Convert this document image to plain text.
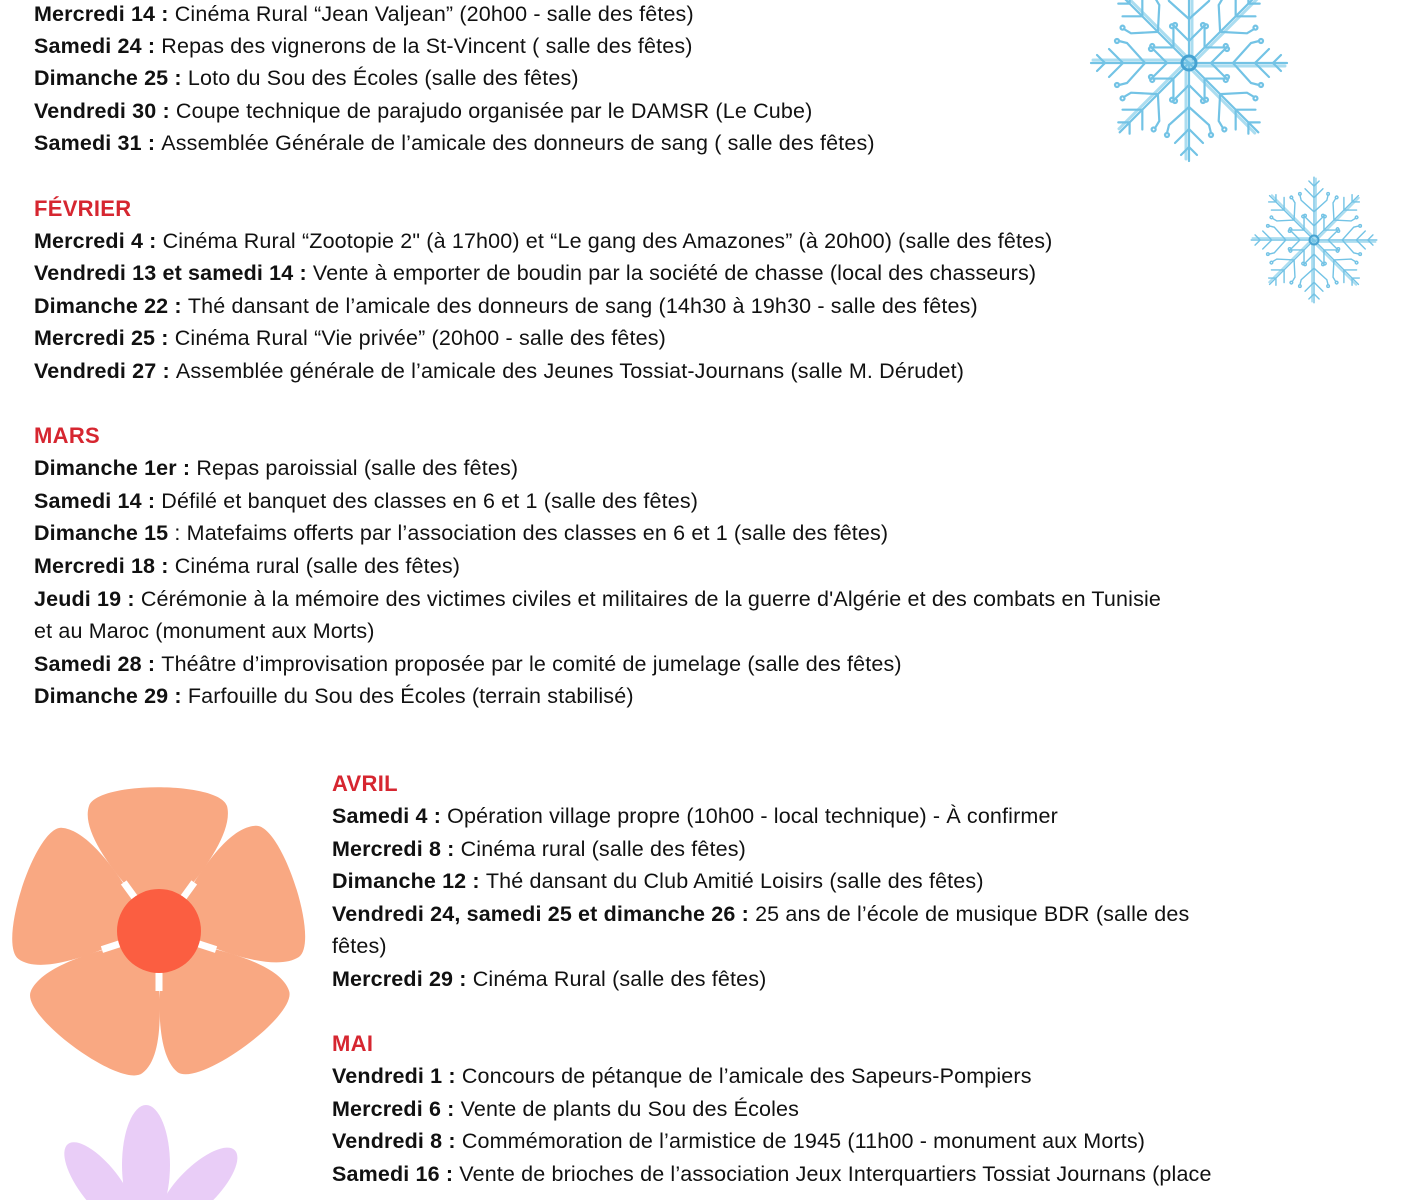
Mercredi 14 : Cinéma Rural “Jean Valjean” (20h00 - salle des fêtes)
Samedi 24 : Repas des vignerons de la St-Vincent ( salle des fêtes)
Dimanche 25 : Loto du Sou des Écoles (salle des fêtes)
Vendredi 30 : Coupe technique de parajudo organisée par le DAMSR (Le Cube)
Samedi 31 : Assemblée Générale de l’amicale des donneurs de sang ( salle des fêtes)
FÉVRIER
Mercredi 4 : Cinéma Rural “Zootopie 2" (à 17h00) et “Le gang des Amazones” (à 20h00) (salle des fêtes)
Vendredi 13 et samedi 14 : Vente à emporter de boudin par la société de chasse (local des chasseurs)
Dimanche 22 : Thé dansant de l’amicale des donneurs de sang (14h30 à 19h30 - salle des fêtes)
Mercredi 25 : Cinéma Rural “Vie privée” (20h00 - salle des fêtes)
Vendredi 27 : Assemblée générale de l’amicale des Jeunes Tossiat-Journans (salle M. Dérudet)
MARS
Dimanche 1er : Repas paroissial (salle des fêtes)
Samedi 14 : Défilé et banquet des classes en 6 et 1 (salle des fêtes)
Dimanche 15 : Matefaims offerts par l’association des classes en 6 et 1 (salle des fêtes)
Mercredi 18 : Cinéma rural (salle des fêtes)
Jeudi 19 : Cérémonie à la mémoire des victimes civiles et militaires de la guerre d'Algérie et des combats en Tunisie
et au Maroc (monument aux Morts)
Samedi 28 : Théâtre d’improvisation proposée par le comité de jumelage (salle des fêtes)
Dimanche 29 : Farfouille du Sou des Écoles (terrain stabilisé)
AVRIL
Samedi 4 : Opération village propre (10h00 - local technique) - À confirmer
Mercredi 8 : Cinéma rural (salle des fêtes)
Dimanche 12 : Thé dansant du Club Amitié Loisirs (salle des fêtes)
Vendredi 24, samedi 25 et dimanche 26 : 25 ans de l’école de musique BDR (salle des
fêtes)
Mercredi 29 : Cinéma Rural (salle des fêtes)
MAI
Vendredi 1 : Concours de pétanque de l’amicale des Sapeurs-Pompiers
Mercredi 6 : Vente de plants du Sou des Écoles
Vendredi 8 : Commémoration de l’armistice de 1945 (11h00 - monument aux Morts)
Samedi 16 : Vente de brioches de l’association Jeux Interquartiers Tossiat Journans (place
